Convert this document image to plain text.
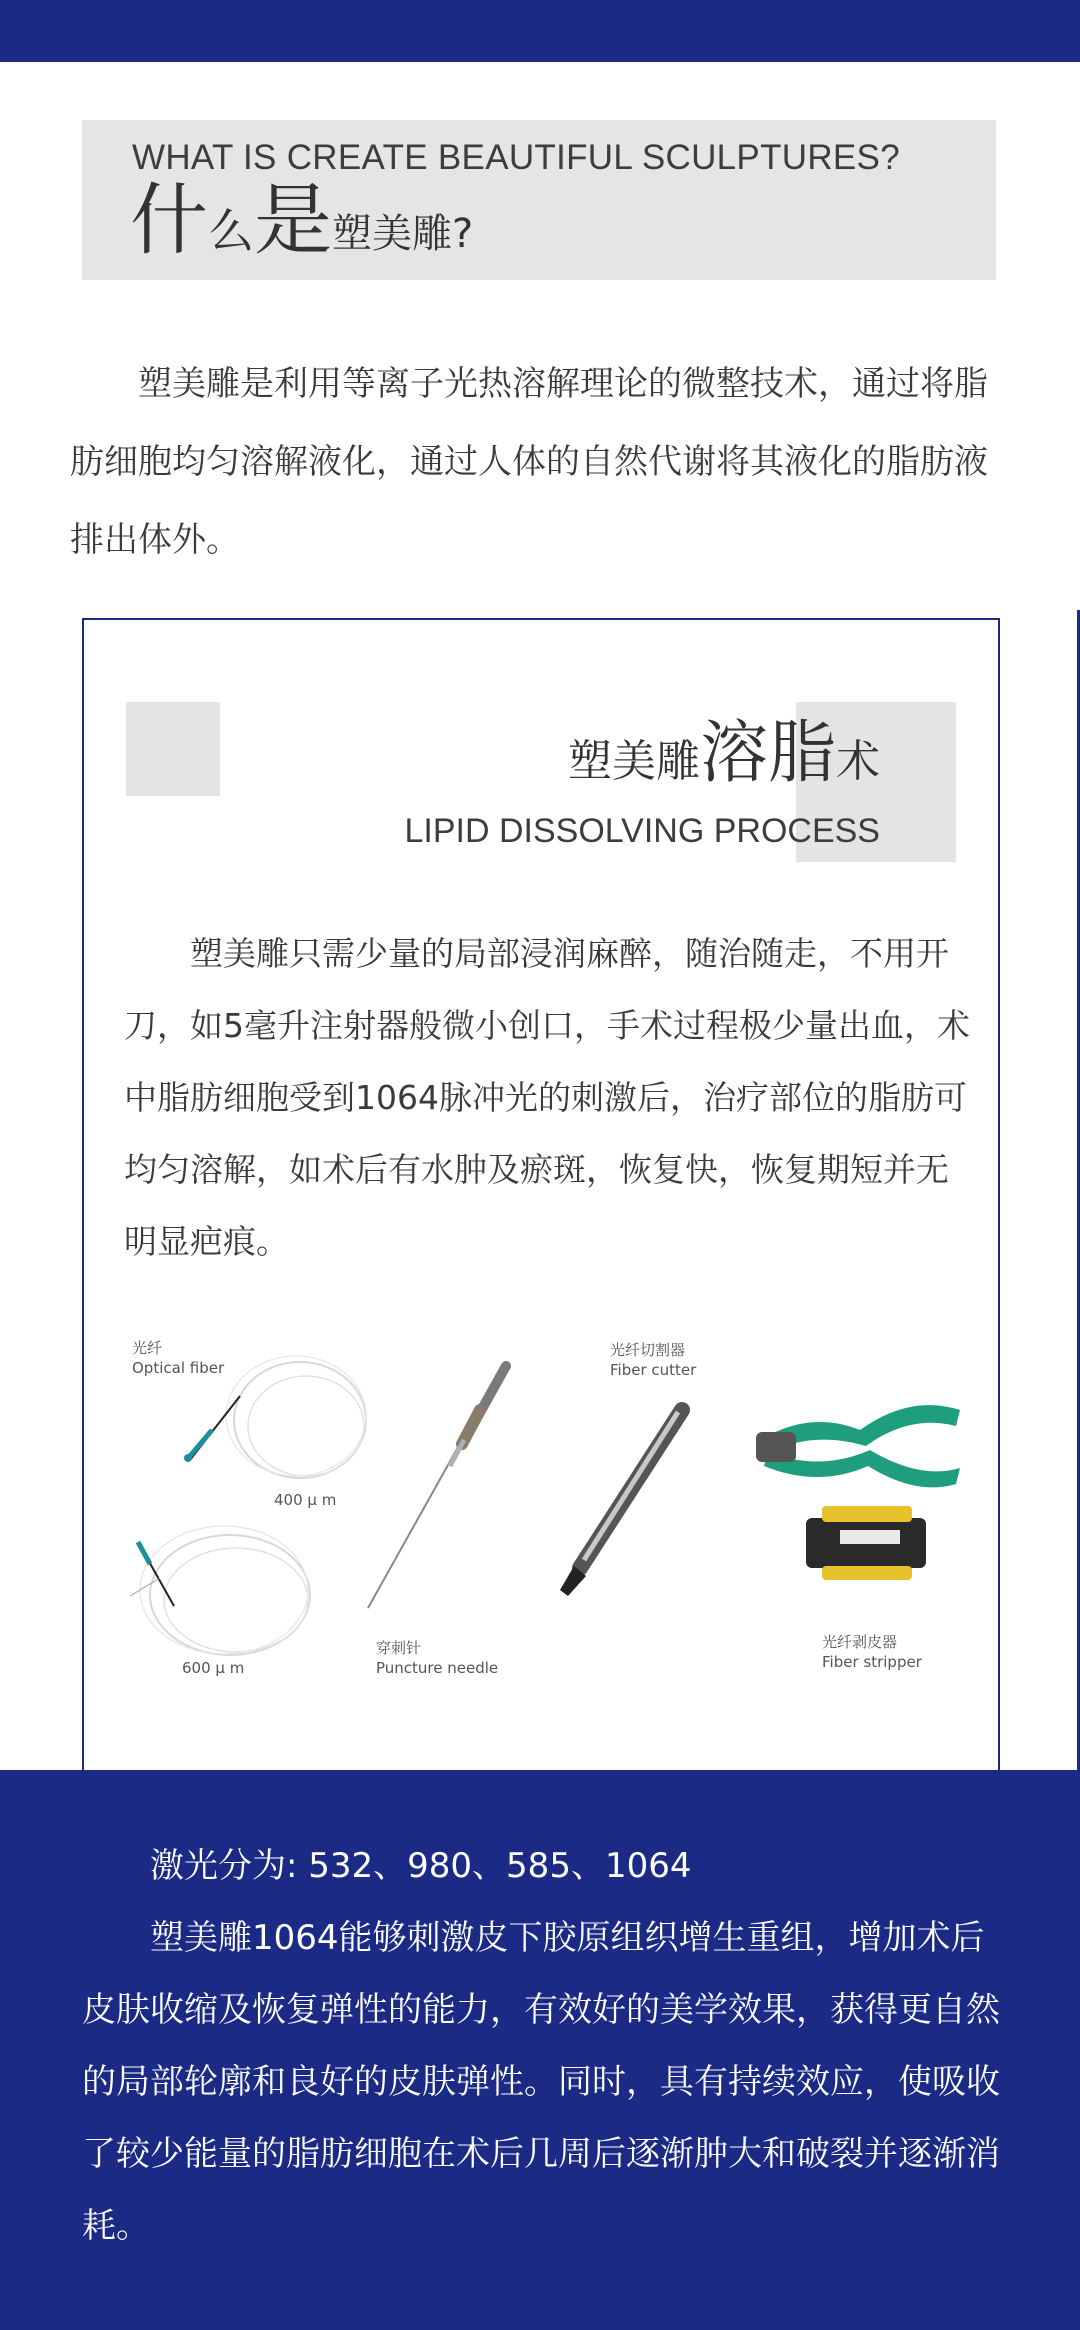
WHAT IS CREATE BEAUTIFUL SCULPTURES?
什么是塑美雕?

塑美雕是利用等离子光热溶解理论的微整技术，通过将脂肪细胞均匀溶解液化，通过人体的自然代谢将其液化的脂肪液排出体外。

塑美雕溶脂术
LIPID DISSOLVING PROCESS

塑美雕只需少量的局部浸润麻醉，随治随走，不用开刀，如5毫升注射器般微小创口，手术过程极少量出血，术中脂肪细胞受到1064脉冲光的刺激后，治疗部位的脂肪可均匀溶解，如术后有水肿及瘀斑，恢复快，恢复期短并无明显疤痕。

光纤
Optical fiber
400 μ m
600 μ m
穿刺针
Puncture needle
光纤切割器
Fiber cutter
光纤剥皮器
Fiber stripper

激光分为: 532、980、585、1064

塑美雕1064能够刺激皮下胶原组织增生重组，增加术后皮肤收缩及恢复弹性的能力，有效好的美学效果，获得更自然的局部轮廓和良好的皮肤弹性。同时，具有持续效应，使吸收了较少能量的脂肪细胞在术后几周后逐渐肿大和破裂并逐渐消耗。
